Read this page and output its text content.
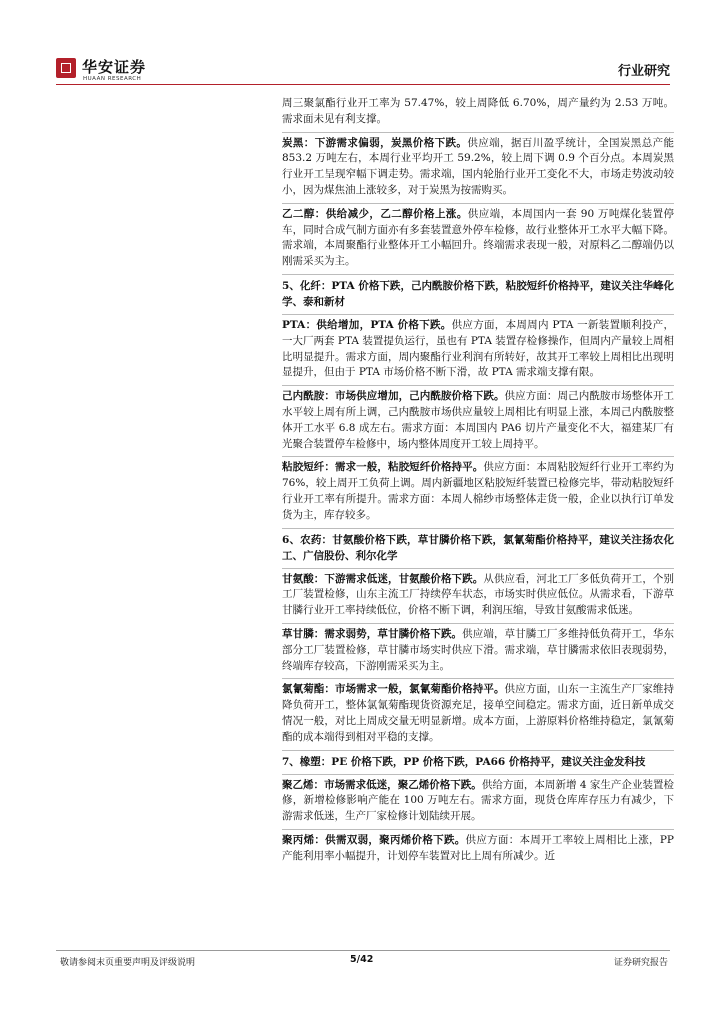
华安证券
HUAAN RESEARCH	行业研究

周三聚氯酯行业开工率为 57.47%，较上周降低 6.70%，周产量约为 2.53 万吨。需求面未见有利支撑。

炭黑：下游需求偏弱，炭黑价格下跌。供应端，据百川盈孚统计，全国炭黑总产能 853.2 万吨左右，本周行业平均开工 59.2%，较上周下调 0.9 个百分点。本周炭黑行业开工呈现窄幅下调走势。需求端，国内轮胎行业开工变化不大，市场走势波动较小，因为煤焦油上涨较多，对于炭黑为按需购买。

乙二醇：供给减少，乙二醇价格上涨。供应端，本周国内一套 90 万吨煤化装置停车，同时合成气制方面亦有多套装置意外停车检修，故行业整体开工水平大幅下降。需求端，本周聚酯行业整体开工小幅回升。终端需求表现一般，对原料乙二醇端仍以刚需采买为主。

5、化纤：PTA 价格下跌，己内酰胺价格下跌，粘胶短纤价格持平，建议关注华峰化学、泰和新材

PTA：供给增加，PTA 价格下跌。供应方面，本周周内 PTA 一新装置顺利投产，一大厂两套 PTA 装置提负运行，虽也有 PTA 装置存检修操作，但周内产量较上周相比明显提升。需求方面，周内聚酯行业利润有所转好，故其开工率较上周相比出现明显提升，但由于 PTA 市场价格不断下滑，故 PTA 需求端支撑有限。

己内酰胺：市场供应增加，己内酰胺价格下跌。供应方面：周己内酰胺市场整体开工水平较上周有所上调，己内酰胺市场供应量较上周相比有明显上涨，本周己内酰胺整体开工水平 6.8 成左右。需求方面：本周国内 PA6 切片产量变化不大，福建某厂有光聚合装置停车检修中，场内整体周度开工较上周持平。

粘胶短纤：需求一般，粘胶短纤价格持平。供应方面：本周粘胶短纤行业开工率约为 76%，较上周开工负荷上调。周内新疆地区粘胶短纤装置已检修完毕，带动粘胶短纤行业开工率有所提升。需求方面：本周人棉纱市场整体走货一般，企业以执行订单发货为主，库存较多。

6、农药：甘氨酸价格下跌，草甘膦价格下跌，氯氰菊酯价格持平，建议关注扬农化工、广信股份、利尔化学

甘氨酸：下游需求低迷，甘氨酸价格下跌。从供应看，河北工厂多低负荷开工，个别工厂装置检修，山东主流工厂持续停车状态，市场实时供应低位。从需求看，下游草甘膦行业开工率持续低位，价格不断下调，利润压缩，导致甘氨酸需求低迷。

草甘膦：需求弱势，草甘膦价格下跌。供应端，草甘膦工厂多维持低负荷开工，华东部分工厂装置检修，草甘膦市场实时供应下滑。需求端，草甘膦需求依旧表现弱势，终端库存较高，下游刚需采买为主。

氯氰菊酯：市场需求一般，氯氰菊酯价格持平。供应方面，山东一主流生产厂家维持降负荷开工，整体氯氰菊酯现货资源充足，接单空间稳定。需求方面，近日新单成交情况一般，对比上周成交量无明显新增。成本方面，上游原料价格维持稳定，氯氰菊酯的成本端得到相对平稳的支撑。

7、橡塑：PE 价格下跌，PP 价格下跌，PA66 价格持平，建议关注金发科技

聚乙烯：市场需求低迷，聚乙烯价格下跌。供给方面，本周新增 4 家生产企业装置检修，新增检修影响产能在 100 万吨左右。需求方面，现货仓库库存压力有减少，下游需求低迷，生产厂家检修计划陆续开展。

聚丙烯：供需双弱，聚丙烯价格下跌。供应方面：本周开工率较上周相比上涨，PP 产能利用率小幅提升，计划停车装置对比上周有所减少。近

敬请参阅末页重要声明及评级说明	5/42	证券研究报告
